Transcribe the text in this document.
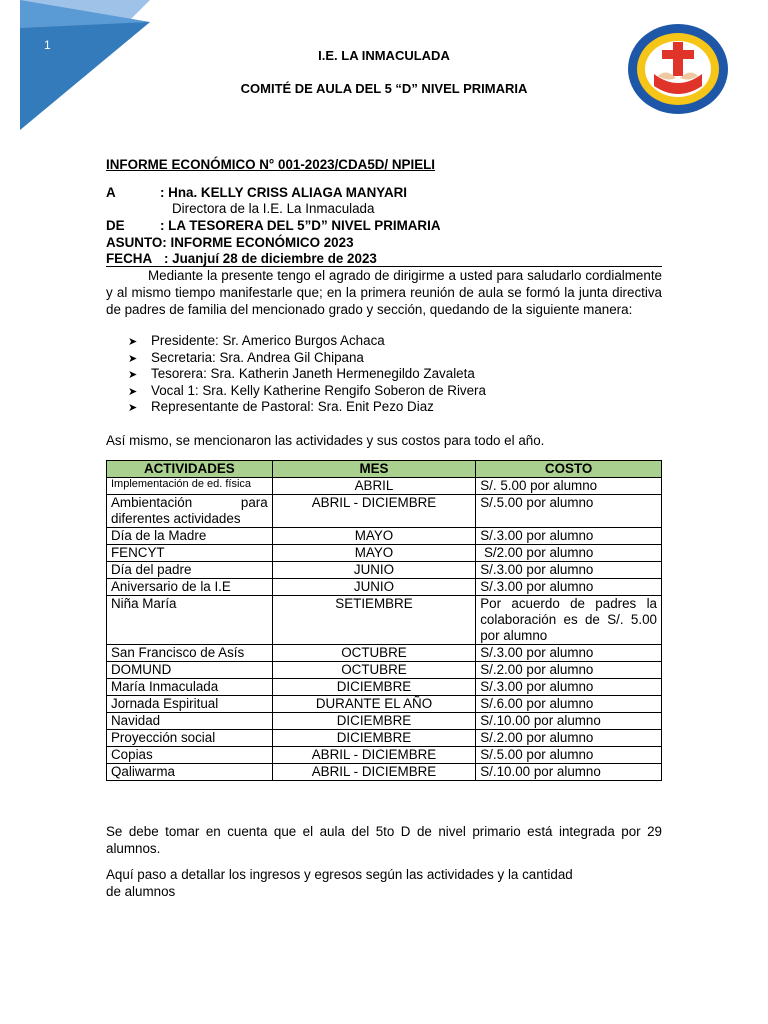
1
I.E. LA INMACULADA
COMITÉ DE AULA DEL 5 “D” NIVEL PRIMARIA
INFORME ECONÓMICO N° 001-2023/CDA5D/ NPIELI
A	: Hna. KELLY CRISS ALIAGA MANYARI
Directora de la I.E. La Inmaculada
DE	: LA TESORERA DEL 5”D” NIVEL PRIMARIA
ASUNTO: INFORME ECONÓMICO 2023
FECHA : Juanjuí 28 de diciembre de 2023
Mediante la presente tengo el agrado de dirigirme a usted para saludarlo cordialmente y al mismo tiempo manifestarle que; en la primera reunión de aula se formó la junta directiva de padres de familia del mencionado grado y sección, quedando de la siguiente manera:
➤ Presidente: Sr. Americo Burgos Achaca
➤ Secretaria: Sra. Andrea Gil Chipana
➤ Tesorera: Sra. Katherin Janeth Hermenegildo Zavaleta
➤ Vocal 1: Sra. Kelly Katherine Rengifo Soberon de Rivera
➤ Representante de Pastoral: Sra. Enit Pezo Diaz
Así mismo, se mencionaron las actividades y sus costos para todo el año.
ACTIVIDADES	MES	COSTO
Implementación de ed. física	ABRIL	S/. 5.00 por alumno
Ambientación para diferentes actividades	ABRIL - DICIEMBRE	S/.5.00 por alumno
Día de la Madre	MAYO	S/.3.00 por alumno
FENCYT	MAYO	S/2.00 por alumno
Día del padre	JUNIO	S/.3.00 por alumno
Aniversario de la I.E	JUNIO	S/.3.00 por alumno
Niña María	SETIEMBRE	Por acuerdo de padres la colaboración es de S/. 5.00 por alumno
San Francisco de Asís	OCTUBRE	S/.3.00 por alumno
DOMUND	OCTUBRE	S/.2.00 por alumno
María Inmaculada	DICIEMBRE	S/.3.00 por alumno
Jornada Espiritual	DURANTE EL AÑO	S/.6.00 por alumno
Navidad	DICIEMBRE	S/.10.00 por alumno
Proyección social	DICIEMBRE	S/.2.00 por alumno
Copias	ABRIL - DICIEMBRE	S/.5.00 por alumno
Qaliwarma	ABRIL - DICIEMBRE	S/.10.00 por alumno
Se debe tomar en cuenta que el aula del 5to D de nivel primario está integrada por 29 alumnos.
Aquí paso a detallar los ingresos y egresos según las actividades y la cantidad de alumnos
